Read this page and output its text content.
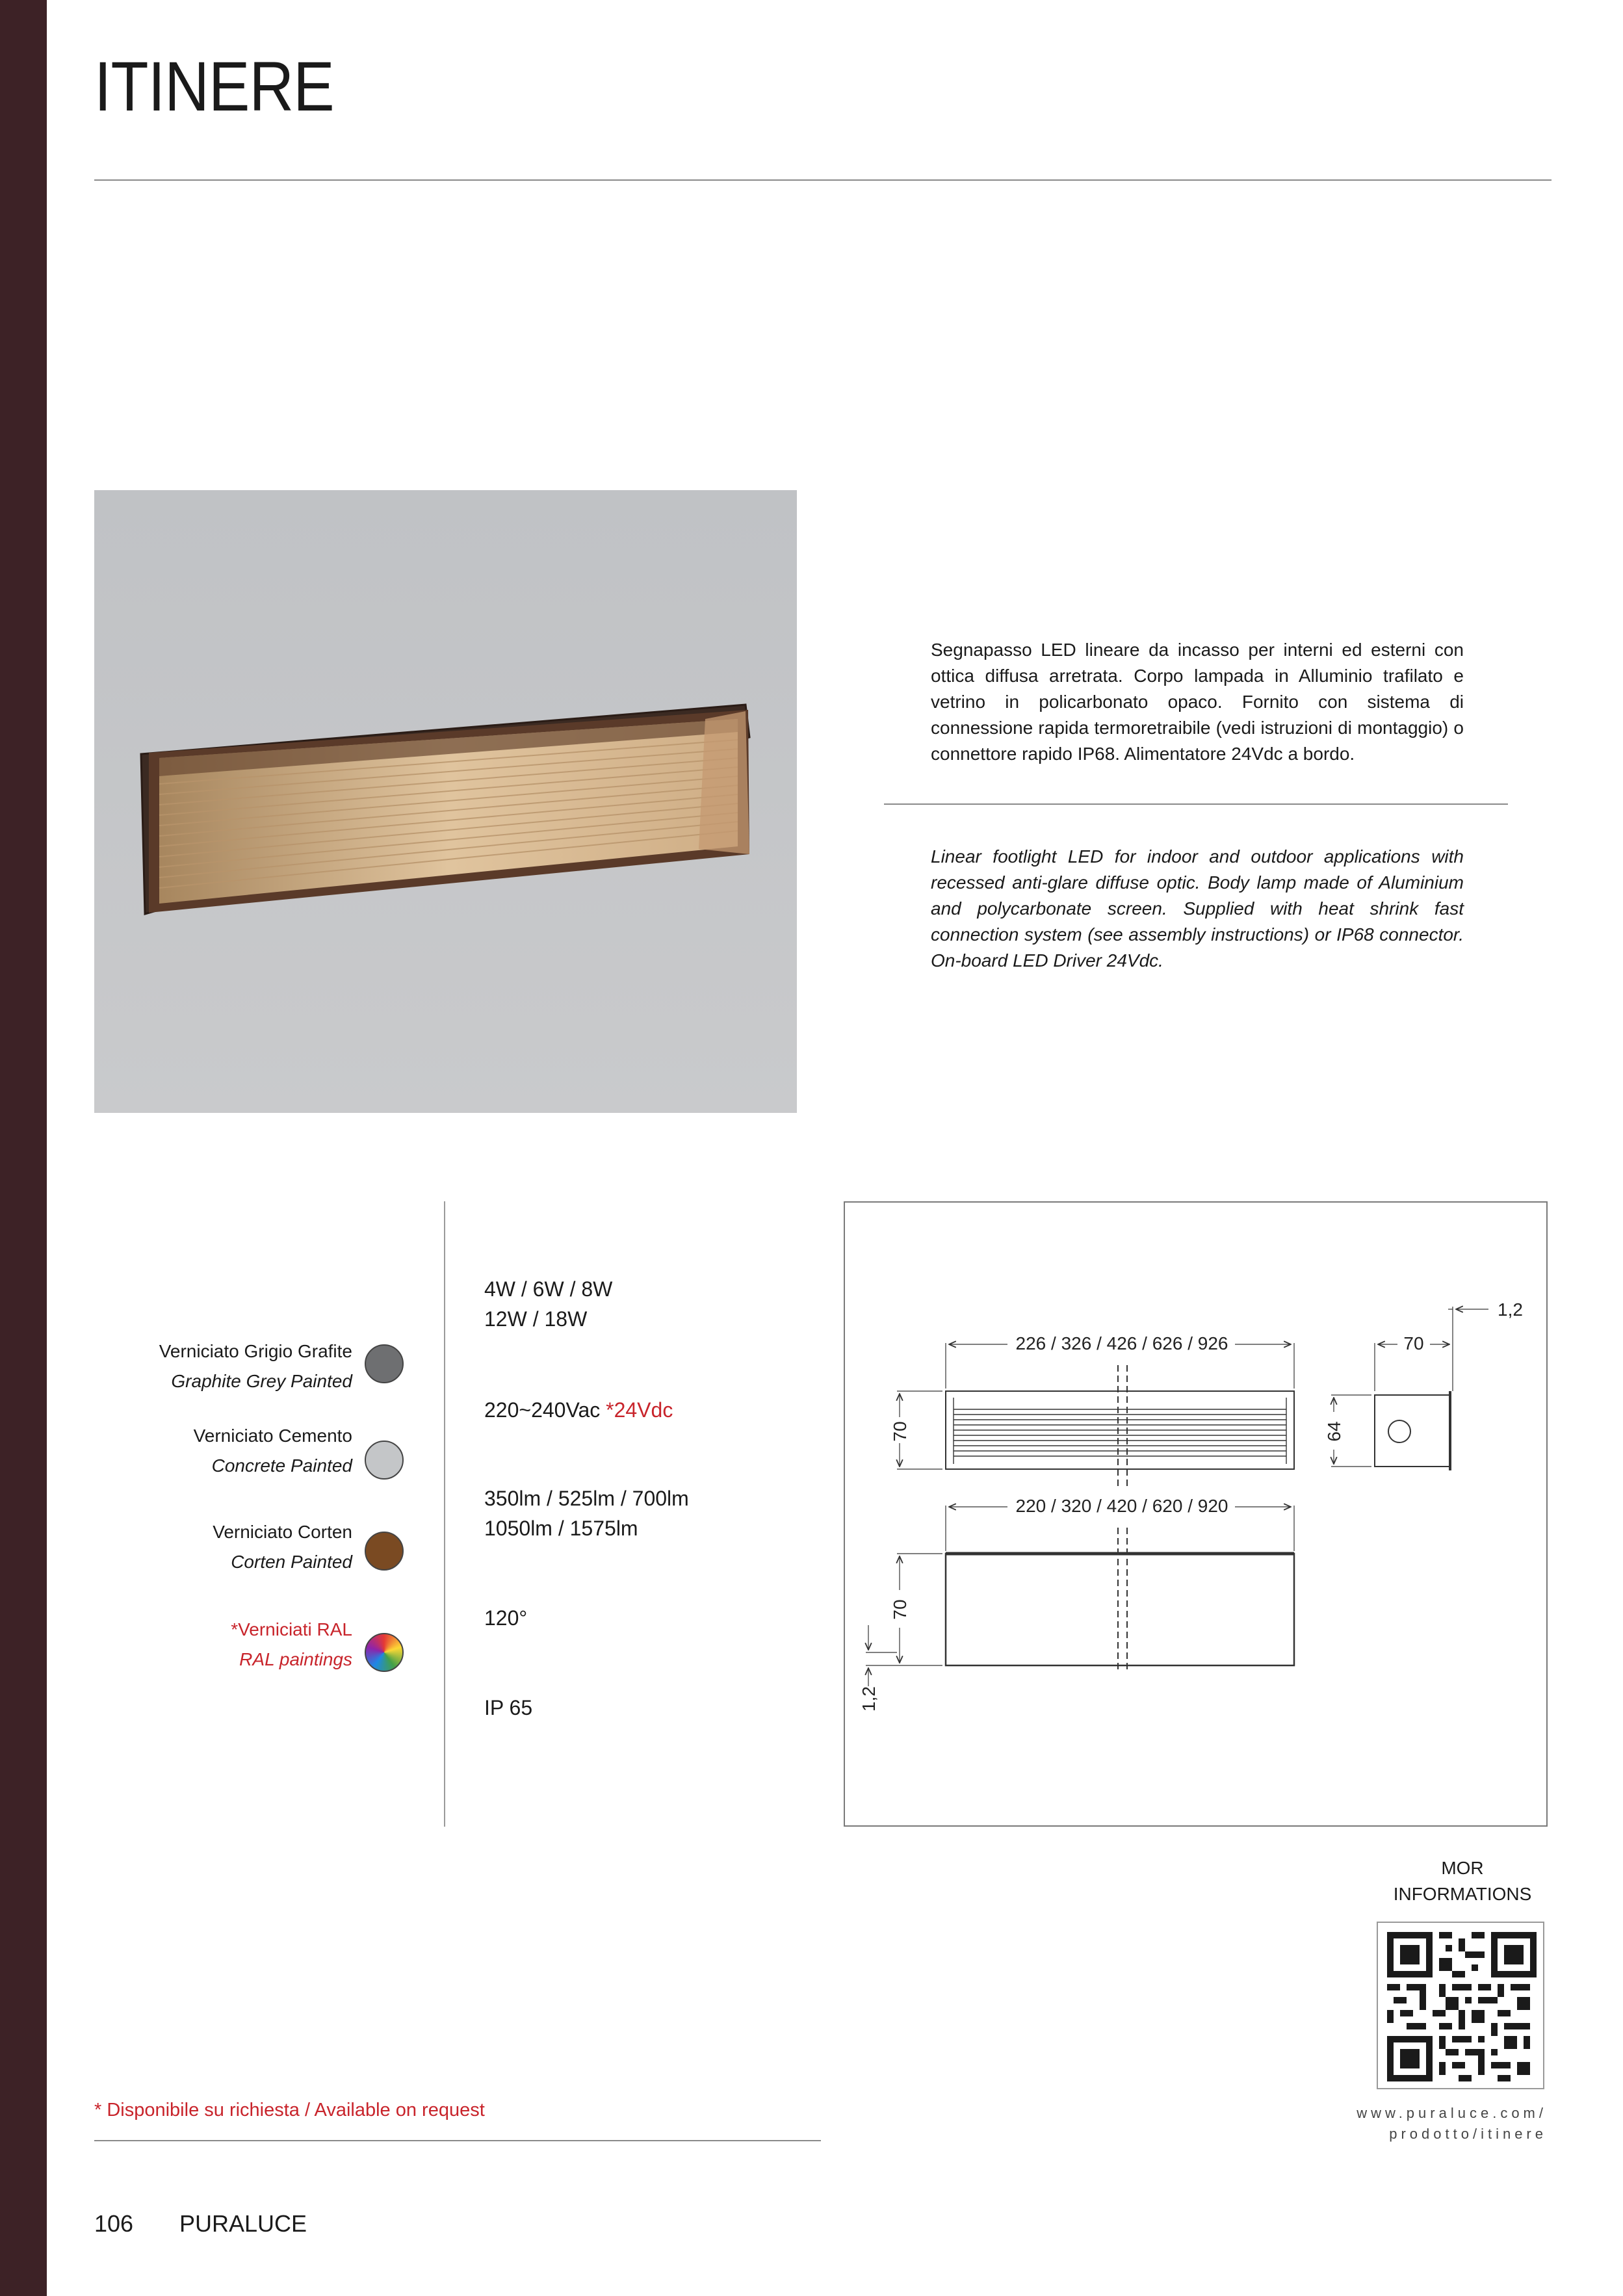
ITINERE

Segnapasso LED lineare da incasso per interni ed esterni con ottica diffusa arretrata. Corpo lampada in Alluminio trafilato e vetrino in policarbonato opaco. Fornito con sistema di connessione rapida termoretraibile (vedi istruzioni di montaggio) o connettore rapido IP68. Alimentatore 24Vdc a bordo.

Linear footlight LED for indoor and outdoor applications with recessed anti-glare diffuse optic. Body lamp made of Aluminium and polycarbonate screen. Supplied with heat shrink fast connection system (see assembly instructions) or IP68 connector. On-board LED Driver 24Vdc.

Verniciato Grigio Grafite
Graphite Grey Painted
Verniciato Cemento
Concrete Painted
Verniciato Corten
Corten Painted
*Verniciati RAL
RAL paintings
4W / 6W / 8W
12W / 18W
220~240Vac *24Vdc
350lm / 525lm / 700lm
1050lm / 1575lm
120°
IP 65
226 / 326 / 426 / 626 / 926
220 / 320 / 420 / 620 / 920
70
70
70
64
1,2
1,2
MOR
INFORMATIONS
www.puraluce.com/
prodotto/itinere
* Disponibile su richiesta / Available on request
106 PURALUCE
